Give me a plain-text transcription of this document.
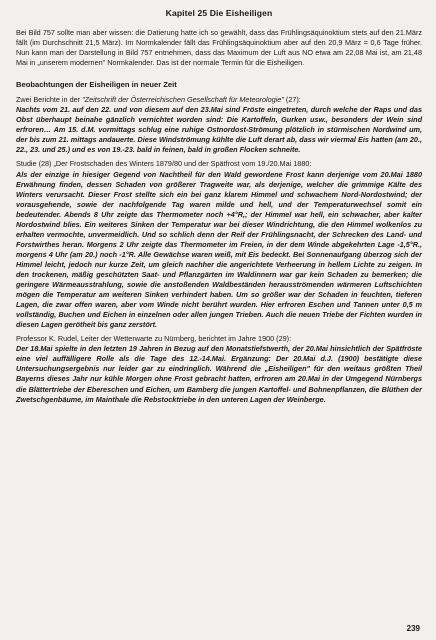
Kapitel 25 Die Eisheiligen

Bei Bild 757 sollte man aber wissen: die Datierung hatte ich so gewählt, dass das Frühlingsäquinoktium stets auf den 21.März fällt (im Durchschnitt 21,5 März). Im Normkalender fällt das Frühlingsäquinoktium aber auf den 20,9 März = 0,6 Tage früher. Nun kann man der Darstellung in Bild 757 entnehmen, dass das Maximum der Luft aus NO etwa am 22,08 Mai ist, am 21,48 Mai in „unserem modernen" Normkalender. Das ist der normale Termin für die Eisheiligen.

Beobachtungen der Eisheiligen in neuer Zeit

Zwei Berichte in der "Zeitschrift der Österreichischen Gesellschaft für Meteorologie" (27):

Nachts vom 21. auf den 22. und von diesem auf den 23.Mai sind Fröste eingetreten, durch welche der Raps und das Obst überhaupt beinahe gänzlich vernichtet worden sind: Die Kartoffeln, Gurken usw., besonders der Wein sind erfroren… Am 15. d.M. vormittags schlug eine ruhige Ostnordost-Strömung plötzlich in stürmischen Nordwind um, der bis zum 21. mittags andauerte. Diese Windströmung kühlte die Luft derart ab, dass wir viermal Eis hatten (am 20., 22., 23. und 25.) und es von 19.-23. bald in feinen, bald in großen Flocken schneite.

Studie (28) „Der Frostschaden des Winters 1879/80 und der Spätfrost vom 19./20.Mai 1880:

Als der einzige in hiesiger Gegend von Nachtheil für den Wald gewordene Frost kann derjenige vom 20.Mai 1880 Erwähnung finden, dessen Schaden von größerer Tragweite war, als derjenige, welcher die grimmige Kälte des Winters verursacht. Dieser Frost stellte sich ein bei ganz klarem Himmel und schwachem Nord-Nordostwind; der vorausgehende, sowie der nachfolgende Tag waren milde und hell, und der Temperaturwechsel somit ein bedeutender. Abends 8 Uhr zeigte das Thermometer noch +4°R,; der Himmel war hell, ein schwacher, aber kalter Nordostwind blies. Ein weiteres Sinken der Temperatur war bei dieser Windrichtung, die den Himmel wolkenlos zu erhalten vermochte, unvermeidlich. Und so schlich denn der Reif der Frühlingsnacht, der Schrecken des Land- und Forstwirthes heran. Morgens 2 Uhr zeigte das Thermometer im Freien, in der dem Winde abgekehrten Lage -1,5°R., morgens 4 Uhr (am 20.) noch -1°R. Alle Gewächse waren weiß, mit Eis bedeckt. Bei Sonnenaufgang überzog sich der Himmel leicht, jedoch nur kurze Zeit, um gleich nachher die angerichtete Verheerung in hellem Lichte zu zeigen. In den trockenen, mäßig geschützten Saat- und Pflanzgärten im Waldinnern war gar kein Schaden zu bemerken; die geringere Wärmeausstrahlung, sowie die anstoßenden Waldbeständen herausströmenden wärmeren Luftschichten mögen die Temperatur am weiteren Sinken verhindert haben. Um so größer war der Schaden in feuchten, tieferen Lagen, die zwar offen waren, aber vom Winde nicht berührt wurden. Hier erfroren Eschen und Tannen unter 0,5 m vollständig, Buchen und Eichen in einzelnen oder allen jungen Trieben. Auch die neuen Triebe der Fichten wurden in diesen Lagen gerötheit bis ganz zerstört.

Professor K. Rudel, Leiter der Wetterwarte zu Nürnberg, berichtet im Jahre 1900 (29):

Der 18.Mai spielte in den letzten 19 Jahren in Bezug auf den Monatstiefstwerth, der 20.Mai hinsichtlich der Spätfröste eine viel auffälligere Rolle als die Tage des 12.-14.Mai. Ergänzung: Der 20.Mai d.J. (1900) bestätigte diese Untersuchungsergebnis nur leider gar zu eindringlich. Während die „Eisheiligen" für den weitaus größten Theil Bayerns dieses Jahr nur kühle Morgen ohne Frost gebracht hatten, erfroren am 20.Mai in der Umgegend Nürnbergs die Blättertriebe der Ebereschen und Eichen, um Bamberg die jungen Kartoffel- und Bohnenpflanzen, die Blüthen der Zwetschgenbäume, im Mainthale die Rebstocktriebe in den unteren Lagen der Weinberge.

239
